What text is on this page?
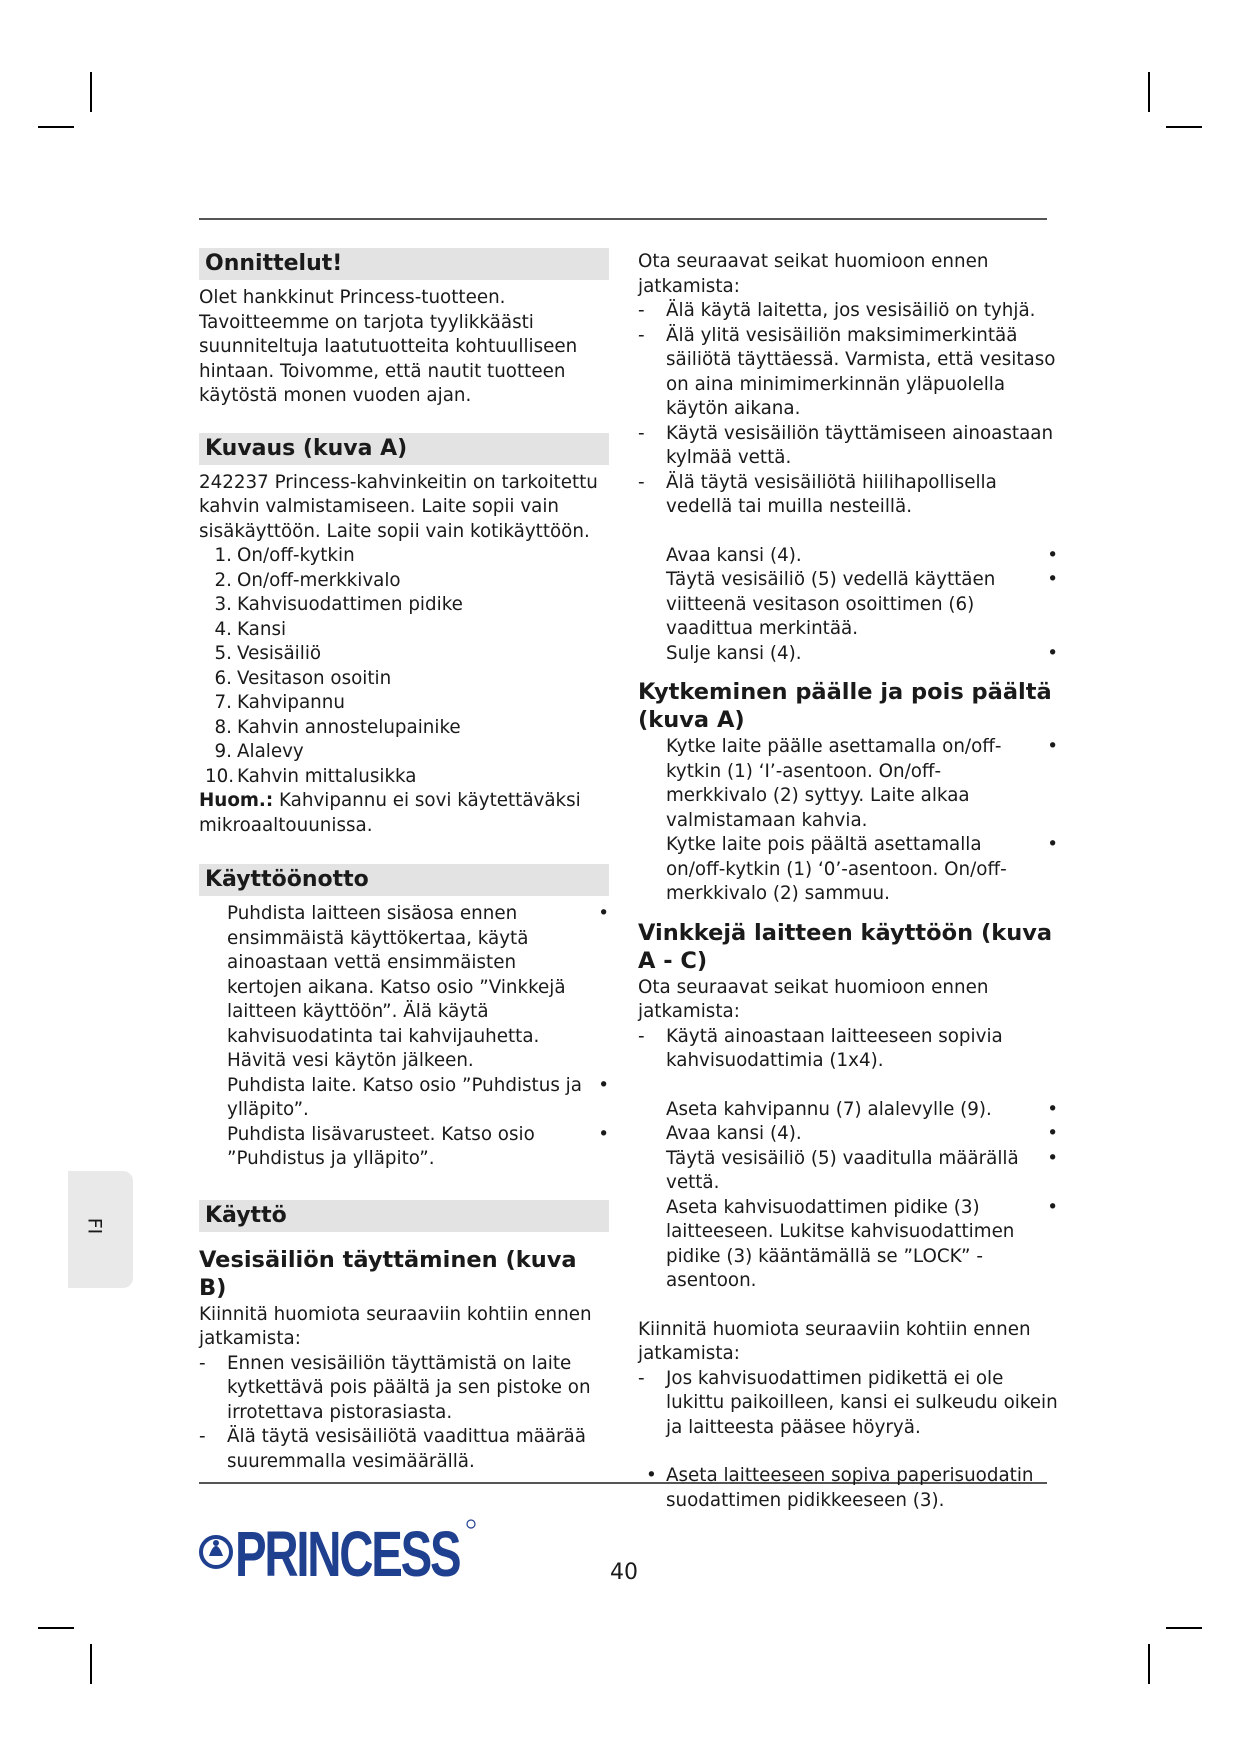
Onnittelut!

Olet hankkinut Princess-tuotteen. Tavoitteemme on tarjota tyylikkäästi suunniteltuja laatutuotteita kohtuulliseen hintaan. Toivomme, että nautit tuotteen käytöstä monen vuoden ajan.

Kuvaus (kuva A)

242237 Princess-kahvinkeitin on tarkoitettu kahvin valmistamiseen. Laite sopii vain sisäkäyttöön. Laite sopii vain kotikäyttöön.

1. On/off-kytkin
2. On/off-merkkivalo
3. Kahvisuodattimen pidike
4. Kansi
5. Vesisäiliö
6. Vesitason osoitin
7. Kahvipannu
8. Kahvin annostelupainike
9. Alalevy
10. Kahvin mittalusikka

Huom.: Kahvipannu ei sovi käytettäväksi mikroaaltouunissa.

Käyttöönotto
Puhdista laitteen sisäosa ennen ensimmäistä käyttökertaa, käytä ainoastaan vettä ensimmäisten kertojen aikana. Katso osio ”Vinkkejä laitteen käyttöön”. Älä käytä kahvisuodatinta tai kahvijauhetta. Hävitä vesi käytön jälkeen.
•
Puhdista laite. Katso osio ”Puhdistus ja ylläpito”.
•
Puhdista lisävarusteet. Katso osio ”Puhdistus ja ylläpito”.
•
Käyttö
Vesisäiliön täyttäminen (kuva B)

Kiinnitä huomiota seuraaviin kohtiin ennen jatkamista:

- Ennen vesisäiliön täyttämistä on laite kytkettävä pois päältä ja sen pistoke on irrotettava pistorasiasta.
- Älä täytä vesisäiliötä vaadittua määrää suuremmalla vesimäärällä.

Ota seuraavat seikat huomioon ennen jatkamista:

- Älä käytä laitetta, jos vesisäiliö on tyhjä.
- Älä ylitä vesisäiliön maksimimerkintää säiliötä täyttäessä. Varmista, että vesitaso on aina minimimerkinnän yläpuolella käytön aikana.
- Käytä vesisäiliön täyttämiseen ainoastaan kylmää vettä.
- Älä täytä vesisäiliötä hiilihapollisella vedellä tai muilla nesteillä.
Avaa kansi (4).	•
Täytä vesisäiliö (5) vedellä käyttäen viitteenä vesitason osoittimen (6) vaadittua merkintää.
•
Sulje kansi (4).	•
Kytkeminen päälle ja pois päältä (kuva A)
Kytke laite päälle asettamalla on/off-kytkin (1) ‘I’-asentoon. On/off-merkkivalo (2) syttyy. Laite alkaa valmistamaan kahvia.
•
Kytke laite pois päältä asettamalla on/off-kytkin (1) ‘0’-asentoon. On/off-merkkivalo (2) sammuu.
•
Vinkkejä laitteen käyttöön (kuva A - C)

Ota seuraavat seikat huomioon ennen jatkamista:

- Käytä ainoastaan laitteeseen sopivia kahvisuodattimia (1x4).
Aseta kahvipannu (7) alalevylle (9).	•
Avaa kansi (4).	•
Täytä vesisäiliö (5) vaaditulla määrällä vettä.
•
Aseta kahvisuodattimen pidike (3) laitteeseen. Lukitse kahvisuodattimen pidike (3) kääntämällä se ”LOCK” -asentoon.
•

Kiinnitä huomiota seuraaviin kohtiin ennen jatkamista:

- Jos kahvisuodattimen pidikettä ei ole lukittu paikoilleen, kansi ei sulkeudu oikein ja laitteesta pääsee höyryä.
• Aseta laitteeseen sopiva paperisuodatin suodattimen pidikkeeseen (3).
FI
PRINCESS	40
